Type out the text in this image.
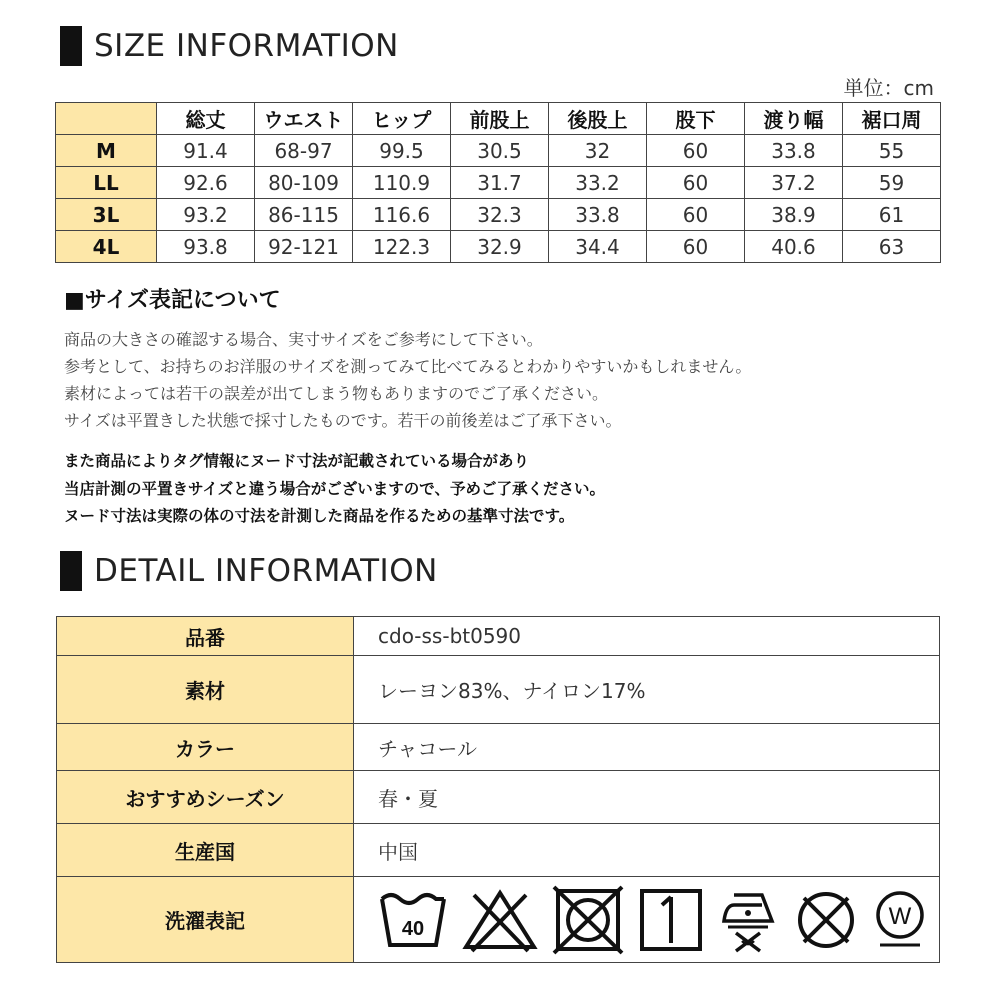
SIZE INFORMATION
単位：cm
	総丈	ウエスト	ヒップ	前股上	後股上	股下	渡り幅	裾口周
M	91.4	68-97	99.5	30.5	32	60	33.8	55
LL	92.6	80-109	110.9	31.7	33.2	60	37.2	59
3L	93.2	86-115	116.6	32.3	33.8	60	38.9	61
4L	93.8	92-121	122.3	32.9	34.4	60	40.6	63
■サイズ表記について
商品の大きさの確認する場合、実寸サイズをご参考にして下さい。
参考として、お持ちのお洋服のサイズを測ってみて比べてみるとわかりやすいかもしれません。
素材によっては若干の誤差が出てしまう物もありますのでご了承ください。
サイズは平置きした状態で採寸したものです。若干の前後差はご了承下さい。
また商品によりタグ情報にヌード寸法が記載されている場合があり
当店計測の平置きサイズと違う場合がございますので、予めご了承ください。
ヌード寸法は実際の体の寸法を計測した商品を作るための基準寸法です。
DETAIL INFORMATION
品番	cdo-ss-bt0590
素材	レーヨン83%、ナイロン17%
カラー	チャコール
おすすめシーズン	春・夏
生産国	中国
洗濯表記	40 W
